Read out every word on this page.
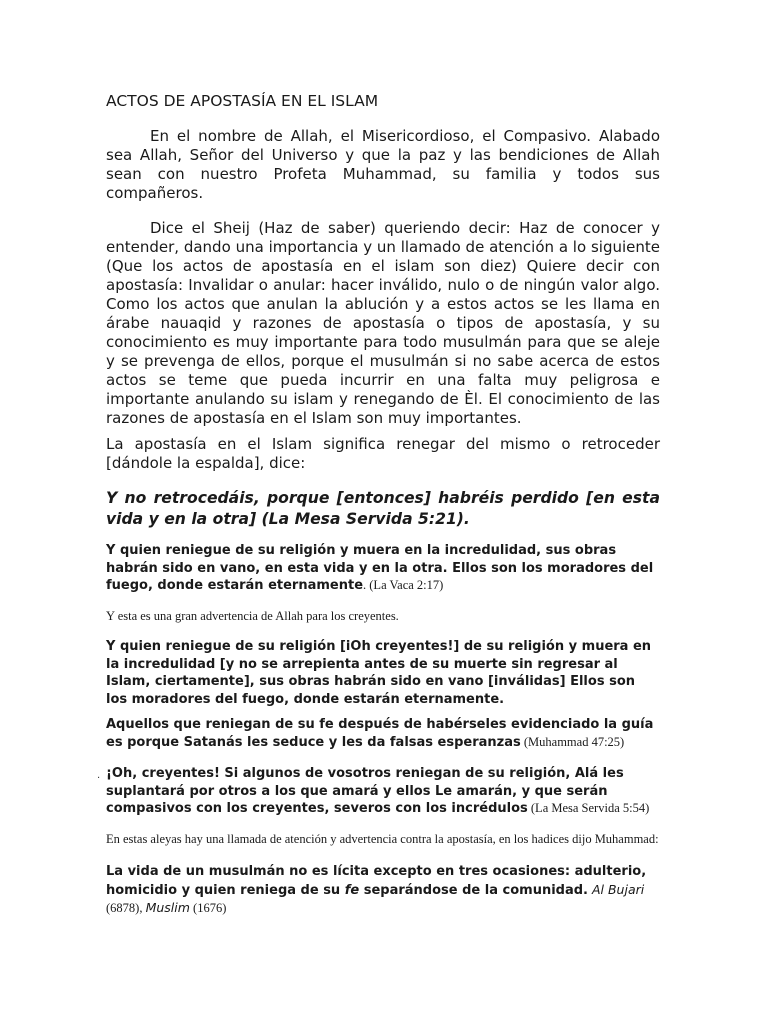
ACTOS DE APOSTASÍA EN EL ISLAM
En el nombre de Allah, el Misericordioso, el Compasivo. Alabado sea Allah, Señor del Universo y que la paz y las bendiciones de Allah sean con nuestro Profeta Muhammad, su familia y todos sus compañeros.
Dice el Sheij (Haz de saber) queriendo decir: Haz de conocer y entender, dando una importancia y un llamado de atención a lo siguiente (Que los actos de apostasía en el islam son diez) Quiere decir con apostasía: Invalidar o anular: hacer inválido, nulo o de ningún valor algo. Como los actos que anulan la ablución y a estos actos se les llama en árabe nauaqid y razones de apostasía o tipos de apostasía, y su conocimiento es muy importante para todo musulmán para que se aleje y se prevenga de ellos, porque el musulmán si no sabe acerca de estos actos se teme que pueda incurrir en una falta muy peligrosa e importante anulando su islam y renegando de Èl. El conocimiento de las razones de apostasía en el Islam son muy importantes.
La apostasía en el Islam significa renegar del mismo o retroceder [dándole la espalda], dice:
Y no retrocedáis, porque [entonces] habréis perdido [en esta vida y en la otra] (La Mesa Servida 5:21).
Y quien reniegue de su religión y muera en la incredulidad, sus obras habrán sido en vano, en esta vida y en la otra. Ellos son los moradores del fuego, donde estarán eternamente. (La Vaca 2:17)
Y esta es una gran advertencia de Allah para los creyentes.
Y quien reniegue de su religión [iOh creyentes!] de su religión y muera en la incredulidad [y no se arrepienta antes de su muerte sin regresar al Islam, ciertamente], sus obras habrán sido en vano [inválidas] Ellos son los moradores del fuego, donde estarán eternamente.
Aquellos que reniegan de su fe después de habérseles evidenciado la guía es porque Satanás les seduce y les da falsas esperanzas (Muhammad 47:25)
¡Oh, creyentes! Si algunos de vosotros reniegan de su religión, Alá les suplantará por otros a los que amará y ellos Le amarán, y que serán compasivos con los creyentes, severos con los incrédulos (La Mesa Servida 5:54)
En estas aleyas hay una llamada de atención y advertencia contra la apostasía, en los hadices dijo Muhammad:
La vida de un musulmán no es lícita excepto en tres ocasiones: adulterio, homicidio y quien reniega de su fe separándose de la comunidad. Al Bujari (6878), Muslim (1676)
.
